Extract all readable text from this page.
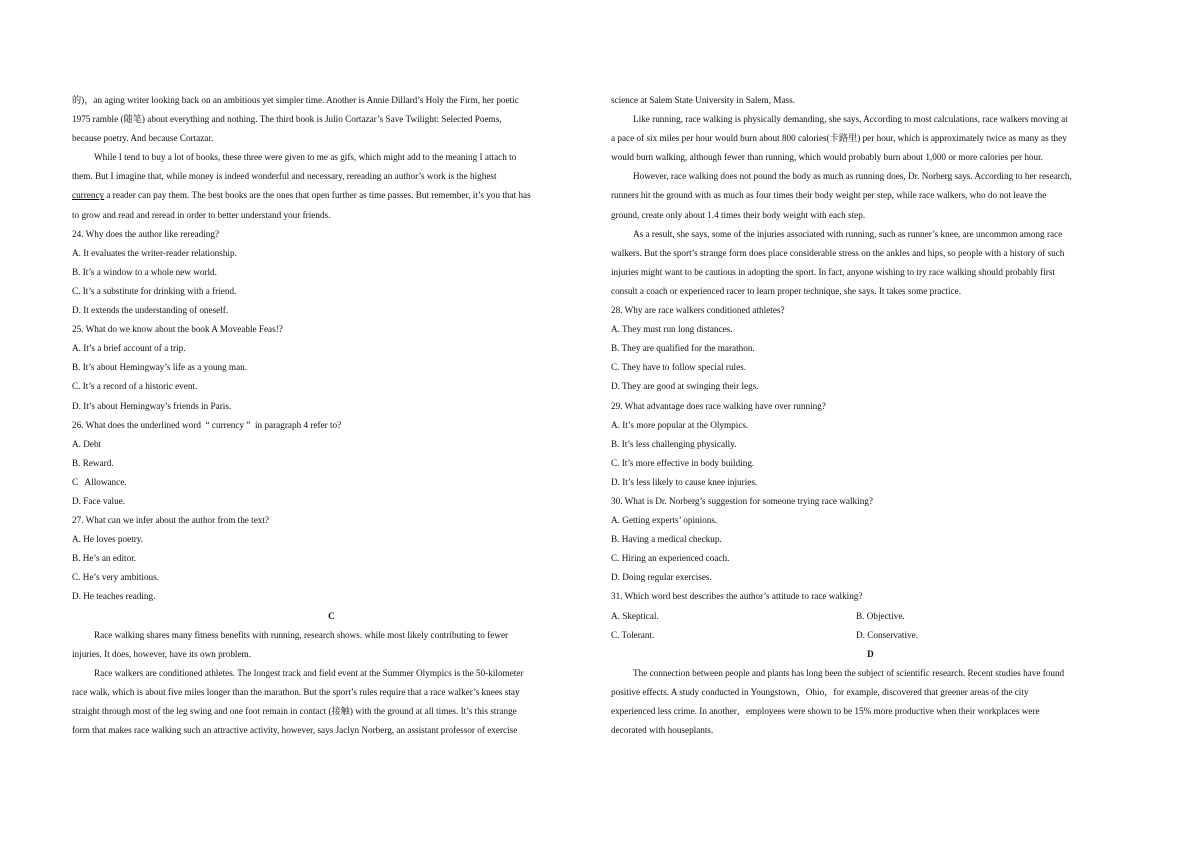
的)，an aging writer looking back on an ambitious yet simpler time. Another is Annie Dillard’s Holy the Firm, her poetic

1975 ramble (随笔) about everything and nothing. The third book is Julio Cortazar’s Save Twilight: Selected Poems,

because poetry. And because Cortazar.

While I tend to buy a lot of books, these three were given to me as gifs, which might add to the meaning I attach to

them. But I imagine that, while money is indeed wonderful and necessary, rereading an author’s work is the highest

currency a reader can pay them. The best books are the ones that open further as time passes. But remember, it’s you that has

to grow and read and reread in order to better understand your friends.

24. Why does the author like rereading?

A. It evaluates the writer-reader relationship.

B. It’s a window to a whole new world.

C. It’s a substitute for drinking with a friend.

D. It extends the understanding of oneself.

25. What do we know about the book A Moveable Feas!?

A. It’s a brief account of a trip.

B. It’s about Hemingway’s life as a young man.

C. It’s a record of a historic event.

D. It’s about Hemingway’s friends in Paris.

26. What does the underlined word  “ currency ”  in paragraph 4 refer to?

A. Debt

B. Reward.

C   Allowance.

D. Face value.

27. What can we infer about the author from the text?

A. He loves poetry.

B. He’s an editor.

C. He’s very ambitious.

D. He teaches reading.

C

Race walking shares many fitness benefits with running, research shows. while most likely contributing to fewer

injuries. It does, however, have its own problem.

Race walkers are conditioned athletes. The longest track and field event at the Summer Olympics is the 50-kilometer

race walk, which is about five miles longer than the marathon. But the sport’s rules require that a race walker’s knees stay

straight through most of the leg swing and one foot remain in contact (接触) with the ground at all times. It’s this strange

form that makes race walking such an attractive activity, however, says Jaclyn Norberg, an assistant professor of exercise

science at Salem State University in Salem, Mass.

Like running, race walking is physically demanding, she says, According to most calculations, race walkers moving at

a pace of six miles per hour would burn about 800 calories(卡路里) per hour, which is approximately twice as many as they

would burn walking, although fewer than running, which would probably burn about 1,000 or more calories per hour.

However, race walking does not pound the body as much as running does, Dr. Norberg says. According to her research,

runners hit the ground with as much as four times their body weight per step, while race walkers, who do not leave the

ground, create only about 1.4 times their body weight with each step.

As a result, she says, some of the injuries associated with running, such as runner’s knee, are uncommon among race

walkers. But the sport’s strange form does place considerable stress on the ankles and hips, so people with a history of such

injuries might want to be cautious in adopting the sport. In fact, anyone wishing to try race walking should probably first

consult a coach or experienced racer to learn proper technique, she says. It takes some practice.

28. Why are race walkers conditioned athletes?

A. They must run long distances.

B. They are qualified for the marathon.

C. They have to follow special rules.

D. They are good at swinging their legs.

29. What advantage does race walking have over running?

A. It’s more popular at the Olympics.

B. It’s less challenging physically.

C. It’s more effective in body building.

D. It’s less likely to cause knee injuries.

30. What is Dr. Norberg’s suggestion for someone trying race walking?

A. Getting experts’ opinions.

B. Having a medical checkup.

C. Hiring an experienced coach.

D. Doing regular exercises.

31. Which word best describes the author’s attitude to race walking?

A. Skeptical.	B. Objective.
C. Tolerant.	D. Conservative.

D

The connection between people and plants has long been the subject of scientific research. Recent studies have found

positive effects. A study conducted in Youngstown，Ohio，for example, discovered that greener areas of the city

experienced less crime. In another，employees were shown to be 15% more productive when their workplaces were

decorated with houseplants.
